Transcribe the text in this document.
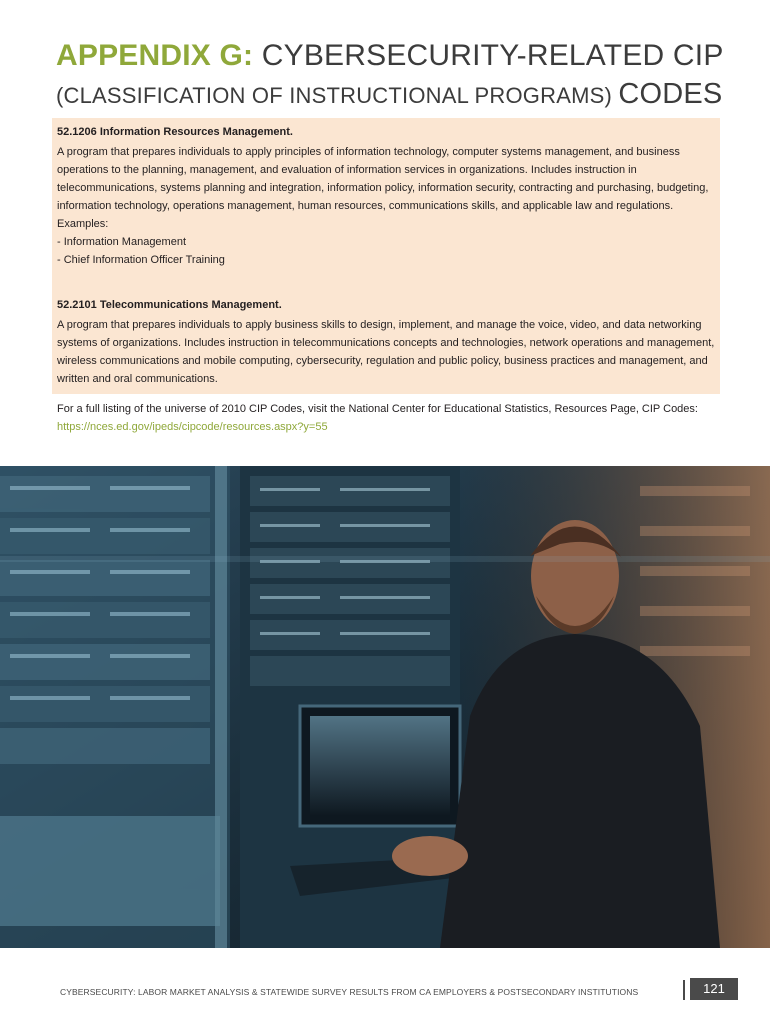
APPENDIX G: CYBERSECURITY-RELATED CIP
(CLASSIFICATION OF INSTRUCTIONAL PROGRAMS) CODES
52.1206 Information Resources Management.

A program that prepares individuals to apply principles of information technology, computer systems management, and business operations to the planning, management, and evaluation of information services in organizations. Includes instruction in telecommunications, systems planning and integration, information policy, information security, contracting and purchasing, budgeting, information technology, operations management, human resources, communications skills, and applicable law and regulations.

Examples:

- Information Management
- Chief Information Officer Training
52.2101 Telecommunications Management.

A program that prepares individuals to apply business skills to design, implement, and manage the voice, video, and data networking systems of organizations. Includes instruction in telecommunications concepts and technologies, network operations and management, wireless communications and mobile computing, cybersecurity, regulation and public policy, business practices and management, and written and oral communications.

For a full listing of the universe of 2010 CIP Codes, visit the National Center for Educational Statistics, Resources Page, CIP Codes: https://nces.ed.gov/ipeds/cipcode/resources.aspx?y=55
CYBERSECURITY: LABOR MARKET ANALYSIS & STATEWIDE SURVEY RESULTS FROM CA EMPLOYERS & POSTSECONDARY INSTITUTIONS	121
